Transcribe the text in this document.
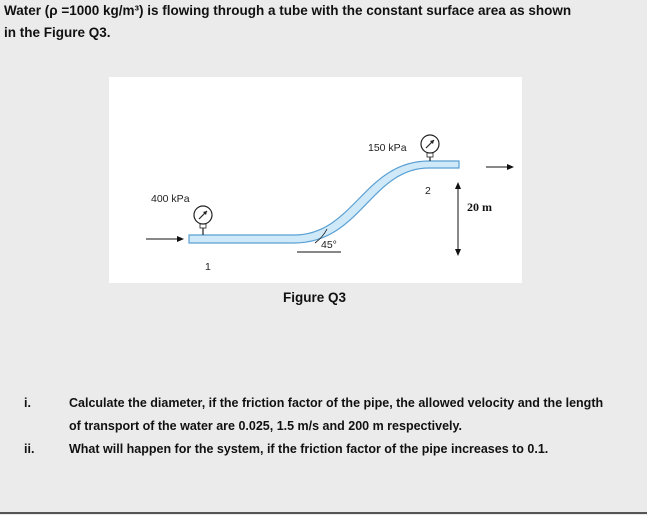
Water (ρ =1000 kg/m³) is flowing through a tube with the constant surface area as shown
in the Figure Q3.
400 kPa
150 kPa
1
2
45°
20 m
Figure Q3
i.	Calculate the diameter, if the friction factor of the pipe, the allowed velocity and the length
of transport of the water are 0.025, 1.5 m/s and 200 m respectively.
ii.	What will happen for the system, if the friction factor of the pipe increases to 0.1.
